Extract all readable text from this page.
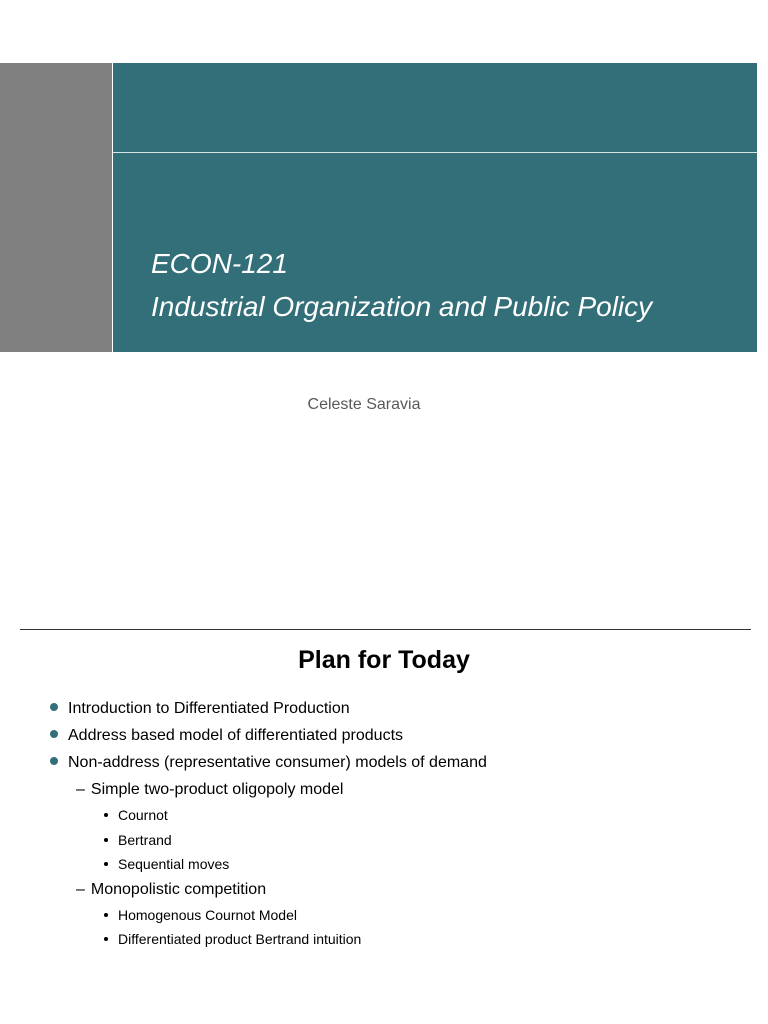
ECON-121
Industrial Organization and Public Policy
Celeste Saravia
Plan for Today
Introduction to Differentiated Production
Address based model of differentiated products
Non-address (representative consumer) models of demand
– Simple two-product oligopoly model
Cournot
Bertrand
Sequential moves
– Monopolistic competition
Homogenous Cournot Model
Differentiated product Bertrand intuition
